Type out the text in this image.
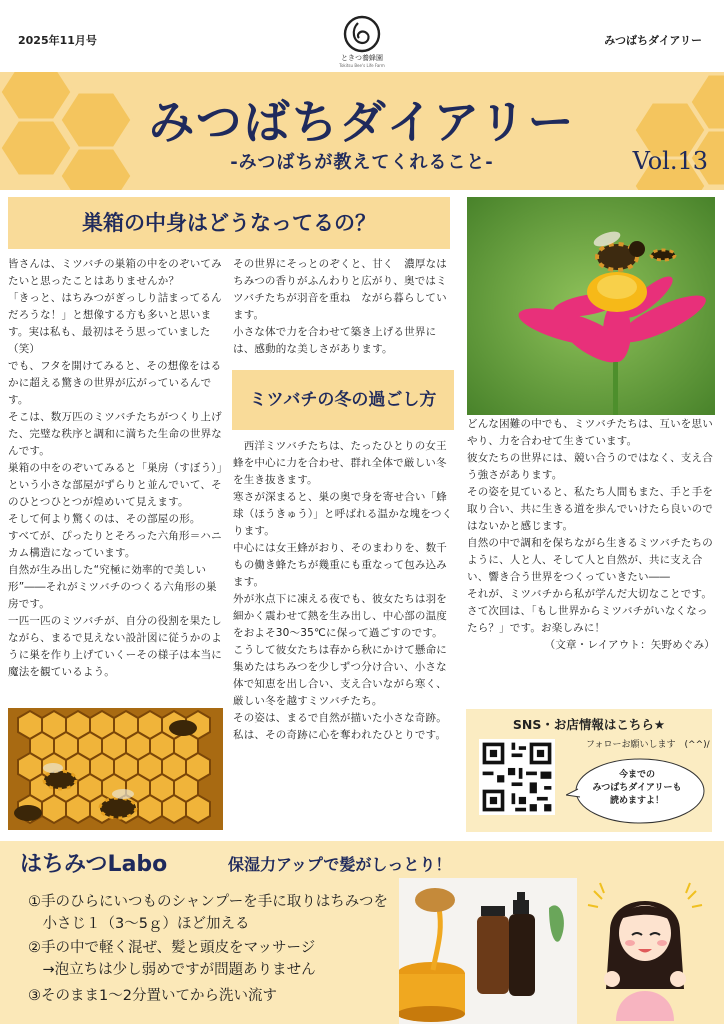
2025年11月号
ときつ養蜂園
Tokitsu Bee's Life Farm
みつばちダイアリー
みつばちダイアリー
-みつばちが教えてくれること-	Vol.13
巣箱の中身はどうなってるの？

皆さんは、ミツバチの巣箱の中をのぞいてみたいと思ったことはありませんか？

「きっと、はちみつがぎっしり詰まってるんだろうな！」と想像する方も多いと思います。実は私も、最初はそう思っていました（笑）

でも、フタを開けてみると、その想像をはるかに超える驚きの世界が広がっているんです。

そこは、数万匹のミツバチたちがつくり上げた、完璧な秩序と調和に満ちた生命の世界なんです。

巣箱の中をのぞいてみると「巣房（すぼう）」という小さな部屋がずらりと並んでいて、そのひとつひとつが煌めいて見えます。

そして何より驚くのは、その部屋の形。

すべてが、ぴったりとそろった六角形＝ハニカム構造になっています。

自然が生み出した“究極に効率的で美しい形”――それがミツバチのつくる六角形の巣房です。

一匹一匹のミツバチが、自分の役割を果たしながら、まるで見えない設計図に従うかのように巣を作り上げていくーその様子は本当に魔法を観ているよう。

その世界にそっとのぞくと、甘く　濃厚なはちみつの香りがふんわりと広がり、奥ではミツバチたちが羽音を重ね　ながら暮らしています。

小さな体で力を合わせて築き上げる世界には、感動的な美しさがあります。

ミツバチの冬の過ごし方

　西洋ミツバチたちは、たったひとりの女王蜂を中心に力を合わせ、群れ全体で厳しい冬を生き抜きます。

寒さが深まると、巣の奥で身を寄せ合い「蜂球（ほうきゅう）」と呼ばれる温かな塊をつくります。

中心には女王蜂がおり、そのまわりを、数千もの働き蜂たちが幾重にも重なって包み込みます。

外が氷点下に凍える夜でも、彼女たちは羽を細かく震わせて熱を生み出し、中心部の温度をおよそ30〜35℃に保って過ごすのです。

こうして彼女たちは春から秋にかけて懸命に集めたはちみつを少しずつ分け合い、小さな体で知恵を出し合い、支え合いながら寒く、厳しい冬を越すミツバチたち。

その姿は、まるで自然が描いた小さな奇跡。

私は、その奇跡に心を奪われたひとりです。

どんな困難の中でも、ミツバチたちは、互いを思いやり、力を合わせて生きています。

彼女たちの世界には、競い合うのではなく、支え合う強さがあります。

その姿を見ていると、私たち人間もまた、手と手を取り合い、共に生きる道を歩んでいけたら良いのではないかと感じます。

自然の中で調和を保ちながら生きるミツバチたちのように、人と人、そして人と自然が、共に支え合い、響き合う世界をつくっていきたい――

それが、ミツバチから私が学んだ大切なことです。

さて次回は、「もし世界からミツバチがいなくなったら？」です。お楽しみに！

（文章・レイアウト：矢野めぐみ）

SNS・お店情報はこちら★
フォローお願いします　(^^)/
今までの
みつばちダイアリーも
読めますよ！
はちみつLabo	保湿力アップで髪がしっとり！
①手のひらにいつものシャンプーを手に取りはちみつを
　小さじ１（3〜5ｇ）ほど加える
②手の中で軽く混ぜ、髪と頭皮をマッサージ
　→泡立ちは少し弱めですが問題ありません
③そのまま1〜2分置いてから洗い流す
